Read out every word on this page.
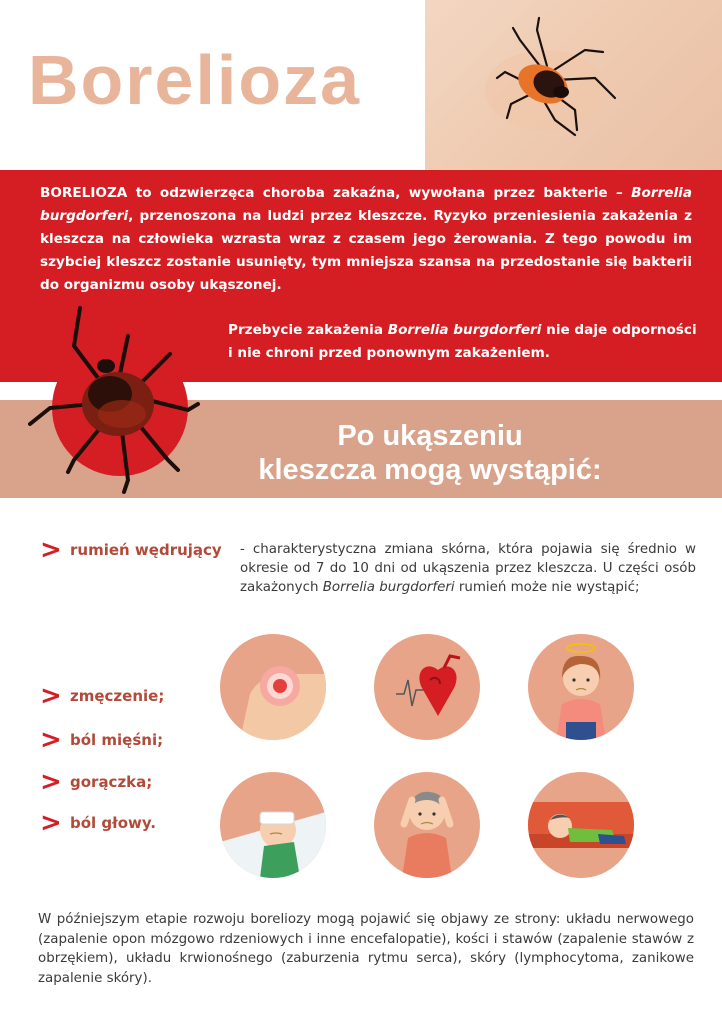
Borelioza
BORELIOZA to odzwierzęca choroba zakaźna, wywołana przez bakterie – Borrelia burgdorferi, przenoszona na ludzi przez kleszcze. Ryzyko przeniesienia zakażenia z kleszcza na człowieka wzrasta wraz z czasem jego żerowania. Z tego powodu im szybciej kleszcz zostanie usunięty, tym mniejsza szansa na przedostanie się bakterii do organizmu osoby ukąszonej.
Przebycie zakażenia Borrelia burgdorferi nie daje odporności i nie chroni przed ponownym zakażeniem.
Po ukąszeniu
kleszcza mogą wystąpić:
> rumień wędrujący - charakterystyczna zmiana skórna, która pojawia się średnio w okresie od 7 do 10 dni od ukąszenia przez kleszcza. U części osób zakażonych Borrelia burgdorferi rumień może nie wystąpić;
> zmęczenie;
> ból mięśni;
> gorączka;
> ból głowy.
W późniejszym etapie rozwoju boreliozy mogą pojawić się objawy ze strony: układu nerwowego (zapalenie opon mózgowo rdzeniowych i inne encefalopatie), kości i stawów (zapalenie stawów z obrzękiem), układu krwionośnego (zaburzenia rytmu serca), skóry (lymphocytoma, zanikowe zapalenie skóry).
